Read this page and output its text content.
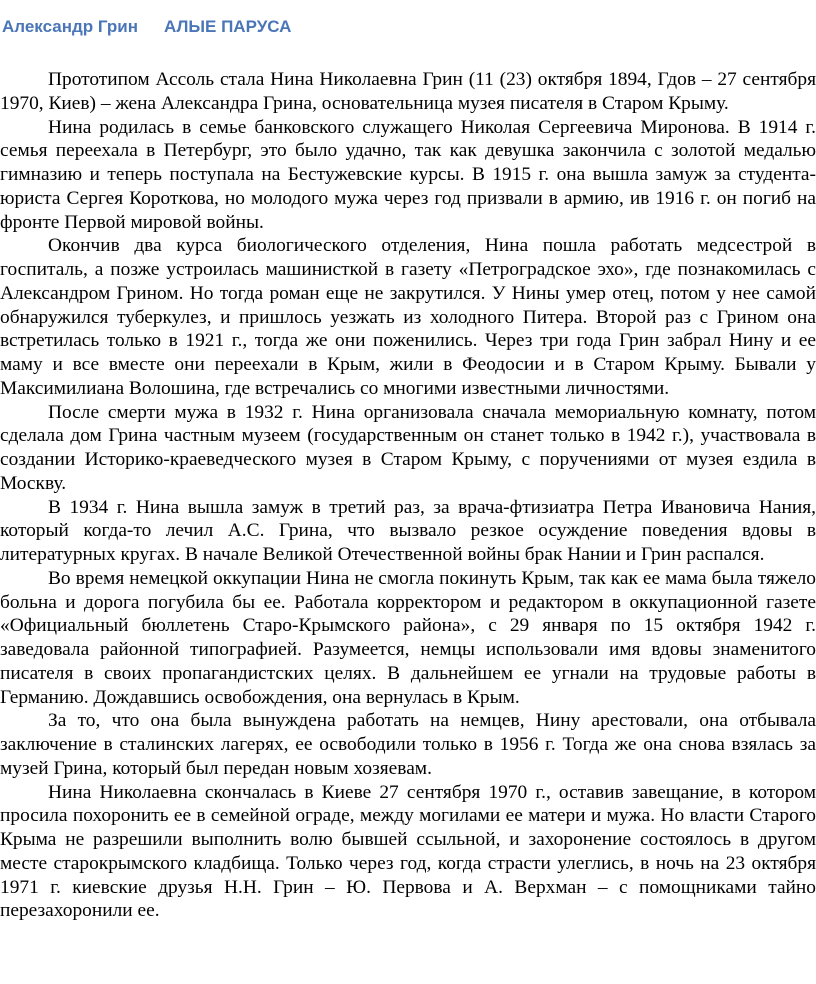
Александр Грин АЛЫЕ ПАРУСА

Прототипом Ассоль стала Нина Николаевна Грин (11 (23) октября 1894, Гдов – 27 сентября 1970, Киев) – жена Александра Грина, основательница музея писателя в Старом Крыму.

Нина родилась в семье банковского служащего Николая Сергеевича Миронова. В 1914 г. семья переехала в Петербург, это было удачно, так как девушка закончила с золотой медалью гимназию и теперь поступала на Бестужевские курсы. В 1915 г. она вышла замуж за студента-юриста Сергея Короткова, но молодого мужа через год призвали в армию, ив 1916 г. он погиб на фронте Первой мировой войны.

Окончив два курса биологического отделения, Нина пошла работать медсестрой в госпиталь, а позже устроилась машинисткой в газету «Петроградское эхо», где познакомилась с Александром Грином. Но тогда роман еще не закрутился. У Нины умер отец, потом у нее самой обнаружился туберкулез, и пришлось уезжать из холодного Питера. Второй раз с Грином она встретилась только в 1921 г., тогда же они поженились. Через три года Грин забрал Нину и ее маму и все вместе они переехали в Крым, жили в Феодосии и в Старом Крыму. Бывали у Максимилиана Волошина, где встречались со многими известными личностями.

После смерти мужа в 1932 г. Нина организовала сначала мемориальную комнату, потом сделала дом Грина частным музеем (государственным он станет только в 1942 г.), участвовала в создании Историко-краеведческого музея в Старом Крыму, с поручениями от музея ездила в Москву.

В 1934 г. Нина вышла замуж в третий раз, за врача-фтизиатра Петра Ивановича Нания, который когда-то лечил А.С. Грина, что вызвало резкое осуждение поведения вдовы в литературных кругах. В начале Великой Отечественной войны брак Нании и Грин распался.

Во время немецкой оккупации Нина не смогла покинуть Крым, так как ее мама была тяжело больна и дорога погубила бы ее. Работала корректором и редактором в оккупационной газете «Официальный бюллетень Старо-Крымского района», с 29 января по 15 октября 1942 г. заведовала районной типографией. Разумеется, немцы использовали имя вдовы знаменитого писателя в своих пропагандистских целях. В дальнейшем ее угнали на трудовые работы в Германию. Дождавшись освобождения, она вернулась в Крым.

За то, что она была вынуждена работать на немцев, Нину арестовали, она отбывала заключение в сталинских лагерях, ее освободили только в 1956 г. Тогда же она снова взялась за музей Грина, который был передан новым хозяевам.

Нина Николаевна скончалась в Киеве 27 сентября 1970 г., оставив завещание, в котором просила похоронить ее в семейной ограде, между могилами ее матери и мужа. Но власти Старого Крыма не разрешили выполнить волю бывшей ссыльной, и захоронение состоялось в другом месте старокрымского кладбища. Только через год, когда страсти улеглись, в ночь на 23 октября 1971 г. киевские друзья Н.Н. Грин – Ю. Первова и А. Верхман – с помощниками тайно перезахоронили ее.
